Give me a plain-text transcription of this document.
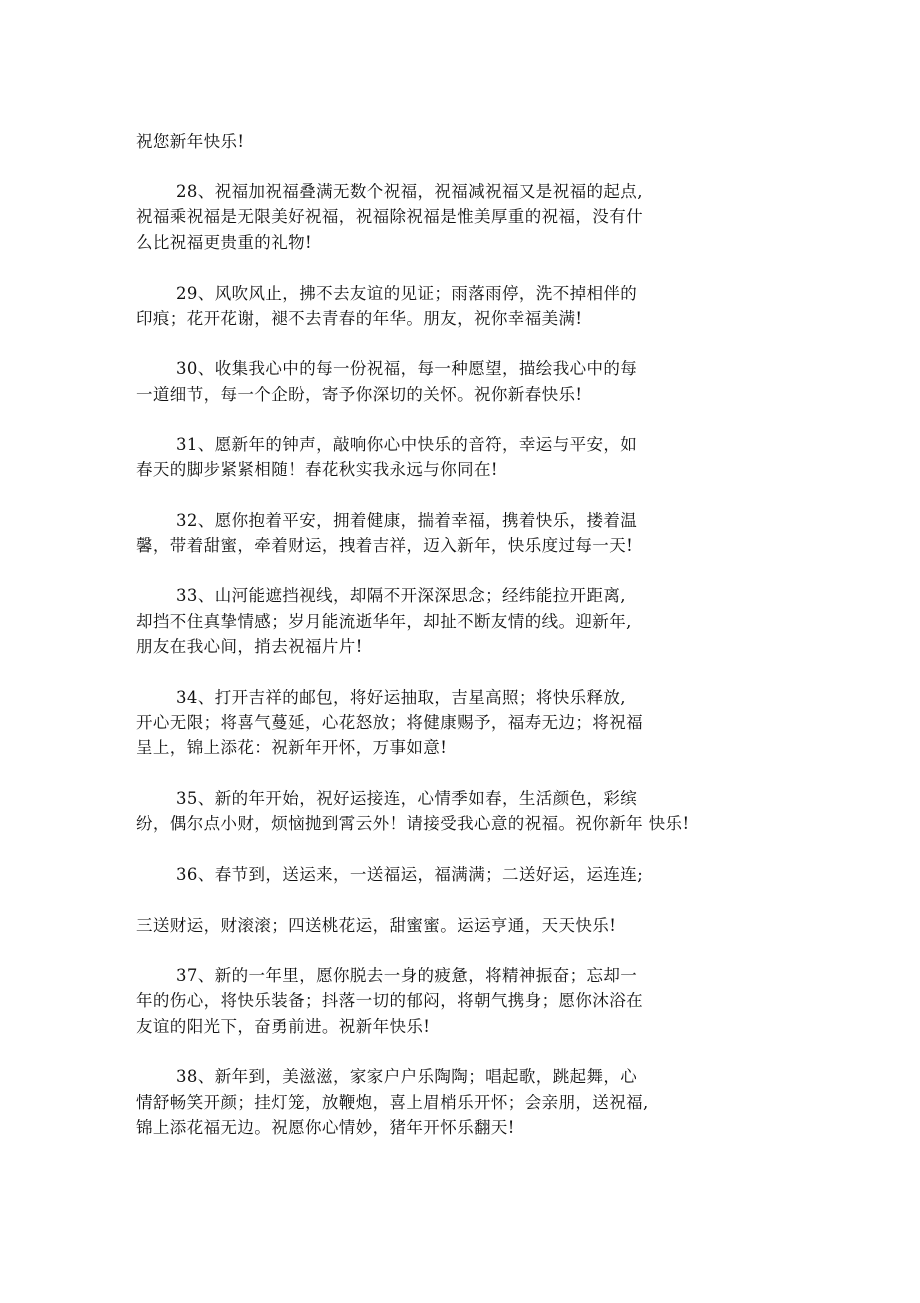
祝您新年快乐!
28、祝福加祝福叠满无数个祝福，祝福减祝福又是祝福的起点,
祝福乘祝福是无限美好祝福，祝福除祝福是惟美厚重的祝福，没有什
么比祝福更贵重的礼物!
29、风吹风止，拂不去友谊的见证；雨落雨停，洗不掉相伴的
印痕；花开花谢，褪不去青春的年华。朋友，祝你幸福美满!
30、收集我心中的每一份祝福，每一种愿望，描绘我心中的每
一道细节，每一个企盼，寄予你深切的关怀。祝你新春快乐!
31、愿新年的钟声，敲响你心中快乐的音符，幸运与平安，如
春天的脚步紧紧相随！春花秋实我永远与你同在!
32、愿你抱着平安，拥着健康，揣着幸福，携着快乐，搂着温
馨，带着甜蜜，牵着财运，拽着吉祥，迈入新年，快乐度过每一天!
33、山河能遮挡视线，却隔不开深深思念；经纬能拉开距离,
却挡不住真挚情感；岁月能流逝华年，却扯不断友情的线。迎新年,
朋友在我心间，捎去祝福片片!
34、打开吉祥的邮包，将好运抽取，吉星高照；将快乐释放,
开心无限；将喜气蔓延，心花怒放；将健康赐予，福寿无边；将祝福
呈上，锦上添花：祝新年开怀，万事如意!
35、新的年开始，祝好运接连，心情季如春，生活颜色，彩缤
纷，偶尔点小财，烦恼抛到霄云外！请接受我心意的祝福。祝你新年 快乐!
36、春节到，送运来，一送福运，福满满；二送好运，运连连;
三送财运，财滚滚；四送桃花运，甜蜜蜜。运运亨通，天天快乐!
37、新的一年里，愿你脱去一身的疲惫，将精神振奋；忘却一
年的伤心，将快乐装备；抖落一切的郁闷，将朝气携身；愿你沐浴在
友谊的阳光下，奋勇前进。祝新年快乐!
38、新年到，美滋滋，家家户户乐陶陶；唱起歌，跳起舞，心
情舒畅笑开颜；挂灯笼，放鞭炮，喜上眉梢乐开怀；会亲朋，送祝福,
锦上添花福无边。祝愿你心情妙，猪年开怀乐翻天!
